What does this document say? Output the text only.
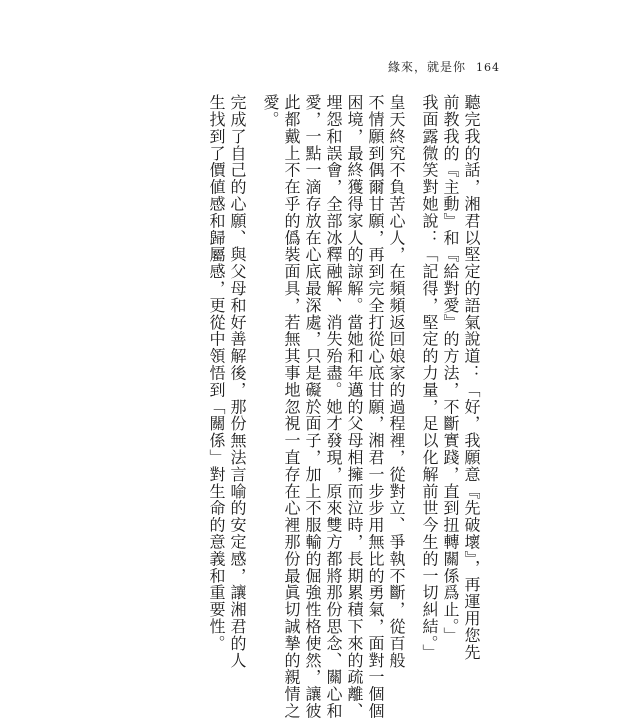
緣來，就是你 164
聽完我的話，湘君以堅定的語氣說道：「好，我願意『先破壞』，再運用您先
前教我的『主動』和『給對愛』的方法，不斷實踐，直到扭轉關係爲止。」
我面露微笑對她說：「記得，堅定的力量，足以化解前世今生的一切糾結。」
皇天終究不負苦心人，在頻頻返回娘家的過程裡，從對立、爭執不斷，從百般
不情願到偶爾甘願，再到完全打從心底甘願，湘君一步步用無比的勇氣，面對一個個
困境，最終獲得家人的諒解。當她和年邁的父母相擁而泣時，長期累積下來的疏離、
埋怨和誤會，全部冰釋融解、消失殆盡。她才發現，原來雙方都將那份思念、關心和
愛，一點一滴存放在心底最深處，只是礙於面子，加上不服輸的倔強性格使然，讓彼
此都戴上不在乎的僞裝面具，若無其事地忽視一直存在心裡那份最眞切誠摯的親情之
愛。
完成了自己的心願、與父母和好善解後，那份無法言喻的安定感，讓湘君的人
生找到了價値感和歸屬感，更從中領悟到「關係」對生命的意義和重要性。
